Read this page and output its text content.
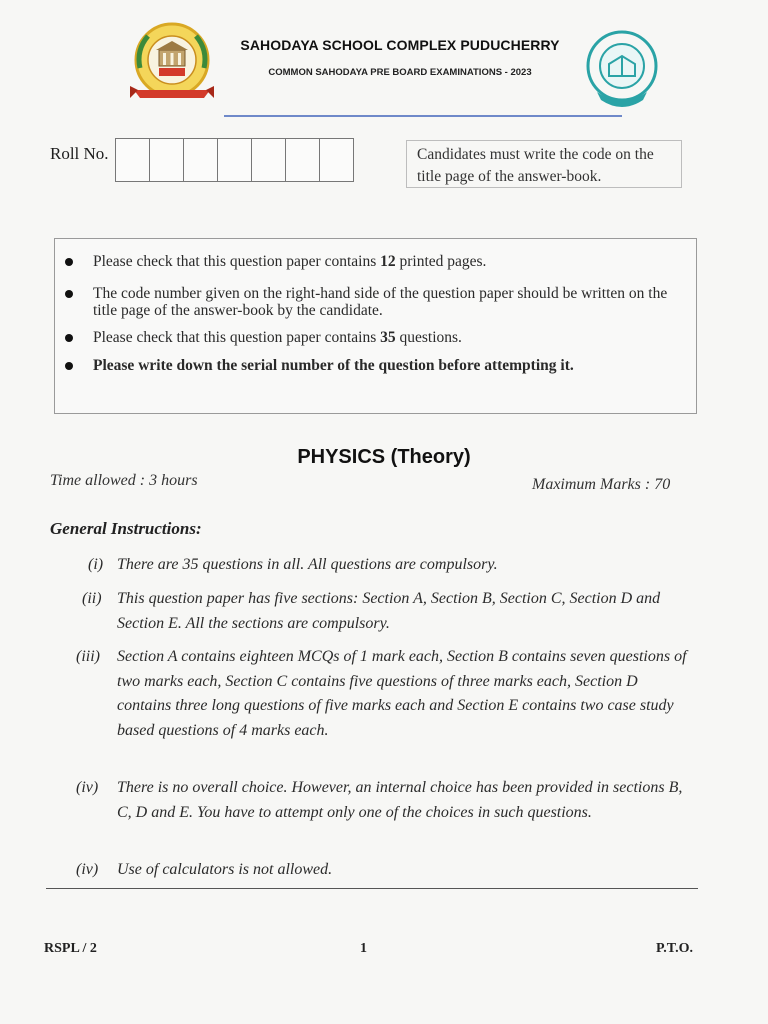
SAHODAYA SCHOOL COMPLEX PUDUCHERRY
COMMON SAHODAYA PRE BOARD EXAMINATIONS - 2023
Roll No.	Candidates must write the code on the title page of the answer-book.
Please check that this question paper contains 12 printed pages.
The code number given on the right-hand side of the question paper should be written on the title page of the answer-book by the candidate.
Please check that this question paper contains 35 questions.
Please write down the serial number of the question before attempting it.
PHYSICS (Theory)
Time allowed : 3 hours	Maximum Marks : 70
General Instructions:
(i) There are 35 questions in all. All questions are compulsory.
(ii) This question paper has five sections: Section A, Section B, Section C, Section D and Section E. All the sections are compulsory.
(iii)	Section A contains eighteen MCQs of 1 mark each, Section B contains seven questions of two marks each, Section C contains five questions of three marks each, Section D contains three long questions of five marks each and Section E contains two case study based questions of 4 marks each.
(iv)	There is no overall choice. However, an internal choice has been provided in sections B, C, D and E. You have to attempt only one of the choices in such questions.
(iv)	Use of calculators is not allowed.
RSPL / 2	1	P.T.O.
